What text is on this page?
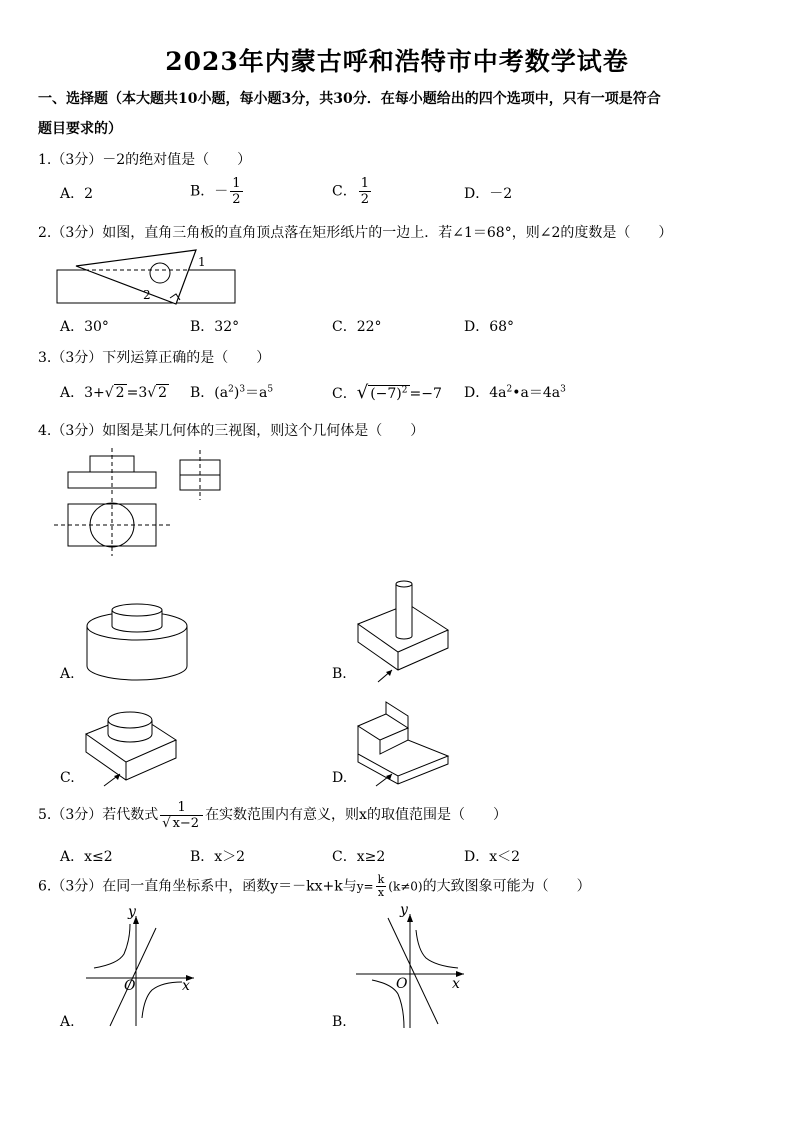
2023年内蒙古呼和浩特市中考数学试卷
一、选择题（本大题共10小题，每小题3分，共30分．在每小题给出的四个选项中，只有一项是符合
题目要求的）
1.（3分）－2的绝对值是（　　）
A．2	B．－ $\frac{1}{2}$	C． $\frac{1}{2}$	D．－2
2.（3分）如图，直角三角板的直角顶点落在矩形纸片的一边上．若∠1＝68°，则∠2的度数是（　　）
1
2
A．30°	B．32°	C．22°	D．68°
3.（3分）下列运算正确的是（　　）
A．3+√ 2 =3√ 2 B．$(a^2)^3=a^5$	C．√ $(-7)^2 =-7$ D．$4a^2•a=4a^3$
4.（3分）如图是某几何体的三视图，则这个几何体是（　　）
A.	B.
C.	D.
5.（3分）若代数式 $\frac{1}{√ x-2}$ 在实数范围内有意义，则x的取值范围是（　　）
A．x≤2	B．x＞2	C．x≥2	D．x＜2
6.（3分）在同一直角坐标系中，函数y＝－kx+k与$y= \frac{k}{x} (k\ne 0)$的大致图象可能为（　　）
y
x
O
A.
y
x
O
B.
